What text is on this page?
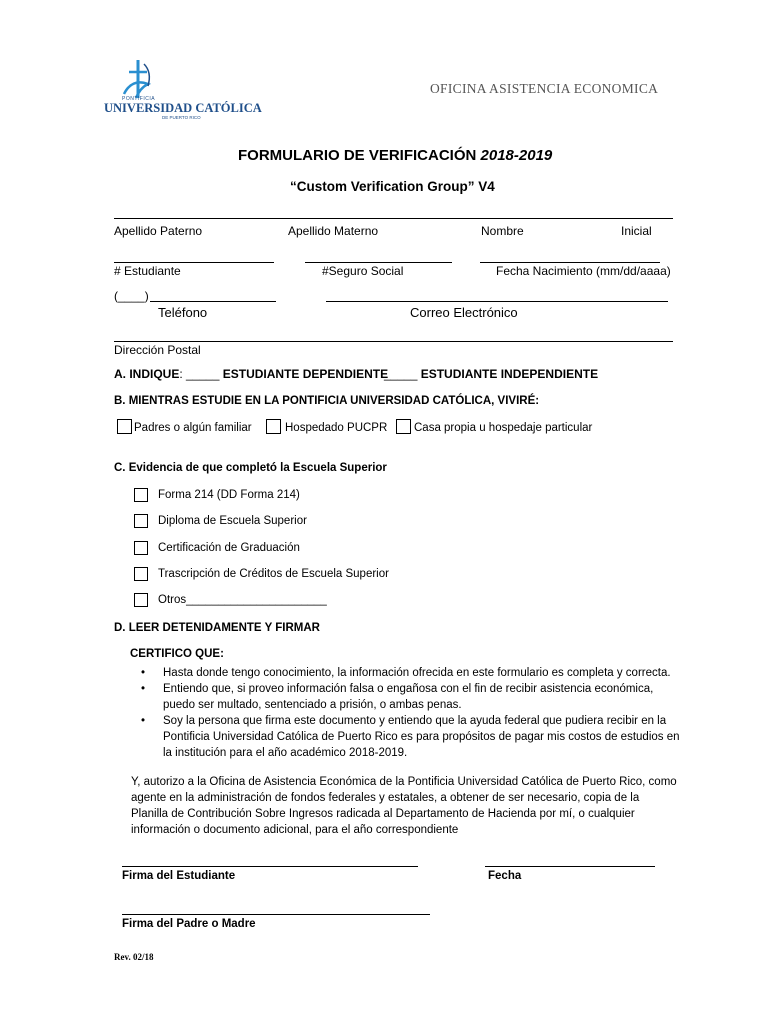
PONTIFICIA
UNIVERSIDAD CATÓLICA
DE PUERTO RICO
OFICINA ASISTENCIA ECONOMICA
FORMULARIO DE VERIFICACIÓN 2018-2019
“Custom Verification Group” V4
Apellido Paterno	Apellido Materno	Nombre	Inicial
# Estudiante	#Seguro Social	Fecha Nacimiento (mm/dd/aaaa)
(____)
Teléfono	Correo Electrónico
Dirección Postal
A. INDIQUE: _____ ESTUDIANTE DEPENDIENTE
_____ ESTUDIANTE INDEPENDIENTE
B. MIENTRAS ESTUDIE EN LA PONTIFICIA UNIVERSIDAD CATÓLICA, VIVIRÉ:
Padres o algún familiar	Hospedado PUCPR Casa propia u hospedaje particular
C. Evidencia de que completó la Escuela Superior
Forma 214 (DD Forma 214)
Diploma de Escuela Superior
Certificación de Graduación
Trascripción de Créditos de Escuela Superior
Otros______________________
D. LEER DETENIDAMENTE Y FIRMAR
CERTIFICO QUE:
• Hasta donde tengo conocimiento, la información ofrecida en este formulario es completa y correcta.
• Entiendo que, si proveo información falsa o engañosa con el fin de recibir asistencia económica, puedo ser multado, sentenciado a prisión, o ambas penas.
• Soy la persona que firma este documento y entiendo que la ayuda federal que pudiera recibir en la Pontificia Universidad Católica de Puerto Rico es para propósitos de pagar mis costos de estudios en la institución para el año académico 2018-2019.
Y, autorizo a la Oficina de Asistencia Económica de la Pontificia Universidad Católica de Puerto Rico, como agente en la administración de fondos federales y estatales, a obtener de ser necesario, copia de la Planilla de Contribución Sobre Ingresos radicada al Departamento de Hacienda por mí, o cualquier información o documento adicional, para el año correspondiente
Firma del Estudiante	Fecha
Firma del Padre o Madre
Rev. 02/18
